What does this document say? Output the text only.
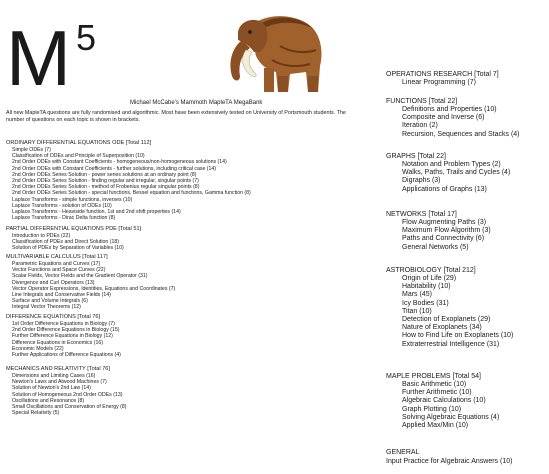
M 5
Michael McCabe's Mammoth MapleTA MegaBank
All new MapleTA questions are fully randomised and algorithmic. Most have been extensively tested on University of Portsmouth students. The number of questions on each topic is shown in brackets.
ORDINARY DIFFERENTIAL EQUATIONS ODE [Total 112]
Simple ODEs (7)
Classification of ODEs and Principle of Superposition (10)
2nd Order ODEs with Constant Coefficients - homogeneous/non-homogeneous solutions (14)
2nd Order ODEs with Constant Coefficients - further solutions, including critical case (14)
2nd Order ODEs Series Solution - power series solutions at an ordinary point (8)
2nd Order ODEs Series Solution - finding regular and irregular, singular points (7)
2nd Order ODEs Series Solution - method of Frobenius regular singular points (8)
2nd Order ODEs Series Solution - special functions, Bessel equation and functions, Gamma function (8)
Laplace Transforms - simple functions, inverses (10)
Laplace Transforms - solution of ODEs (10)
Laplace Transforms - Heaviside function, 1st and 2nd shift properties (14)
Laplace Transforms - Dirac Delta function (8)
PARTIAL DIFFERENTIAL EQUATIONS PDE [Total 51]
Introduction to PDEs (22)
Classification of PDEs and Direct Solution (18)
Solution of PDEs by Separation of Variables (10)
MULTIVARIABLE CALCULUS [Total 117]
Parametric Equations and Curves (17)
Vector Functions and Space Curves (22)
Scalar Fields, Vector Fields and the Gradient Operator (31)
Divergence and Curl Operators (13)
Vector Operator Expressions, Identities, Equations and Coordinates (7)
Line Integrals and Conservative Fields (14)
Surface and Volume Integrals (6)
Integral Vector Theorems (12)
DIFFERENCE EQUATIONS [Total 76]
1st Order Difference Equations in Biology (7)
2nd Order Difference Equations in Biology (15)
Further Difference Equations in Biology (12)
Difference Equations in Economics (16)
Economic Models (22)
Further Applications of Difference Equations (4)
MECHANICS AND RELATIVITY [Total 76]
Dimensions and Limiting Cases (16)
Newton's Laws and Atwood Machines (7)
Solution of Newton's 2nd Law (14)
Solution of Homogeneous 2nd Order ODEs (13)
Oscillations and Resonance (8)
Small Oscillations and Conservation of Energy (8)
Special Relativity (5)
OPERATIONS RESEARCH [Total 7]
Linear Programming (7)
FUNCTIONS [Total 22]
Definitions and Properties (10)
Composite and Inverse (6)
Iteration (2)
Recursion, Sequences and Stacks (4)
GRAPHS [Total 22]
Notation and Problem Types (2)
Walks, Paths, Trails and Cycles (4)
Digraphs (3)
Applications of Graphs (13)
NETWORKS [Total 17]
Flow Augmenting Paths (3)
Maximum Flow Algorithm (3)
Paths and Connectivity (6)
General Networks (5)
ASTROBIOLOGY [Total 212]
Origin of Life (29)
Habitability (10)
Mars (45)
Icy Bodies (31)
Titan (10)
Detection of Exoplanets (29)
Nature of Exoplanets (34)
How to Find Life on Exoplanets (10)
Extraterrestrial Intelligence (31)
MAPLE PROBLEMS [Total 54]
Basic Arithmetic (10)
Further Arithmetic (10)
Algebraic Calculations (10)
Graph Plotting (10)
Solving Algebraic Equations (4)
Applied Max/Min (10)
GENERAL
Input Practice for Algebraic Answers (10)
